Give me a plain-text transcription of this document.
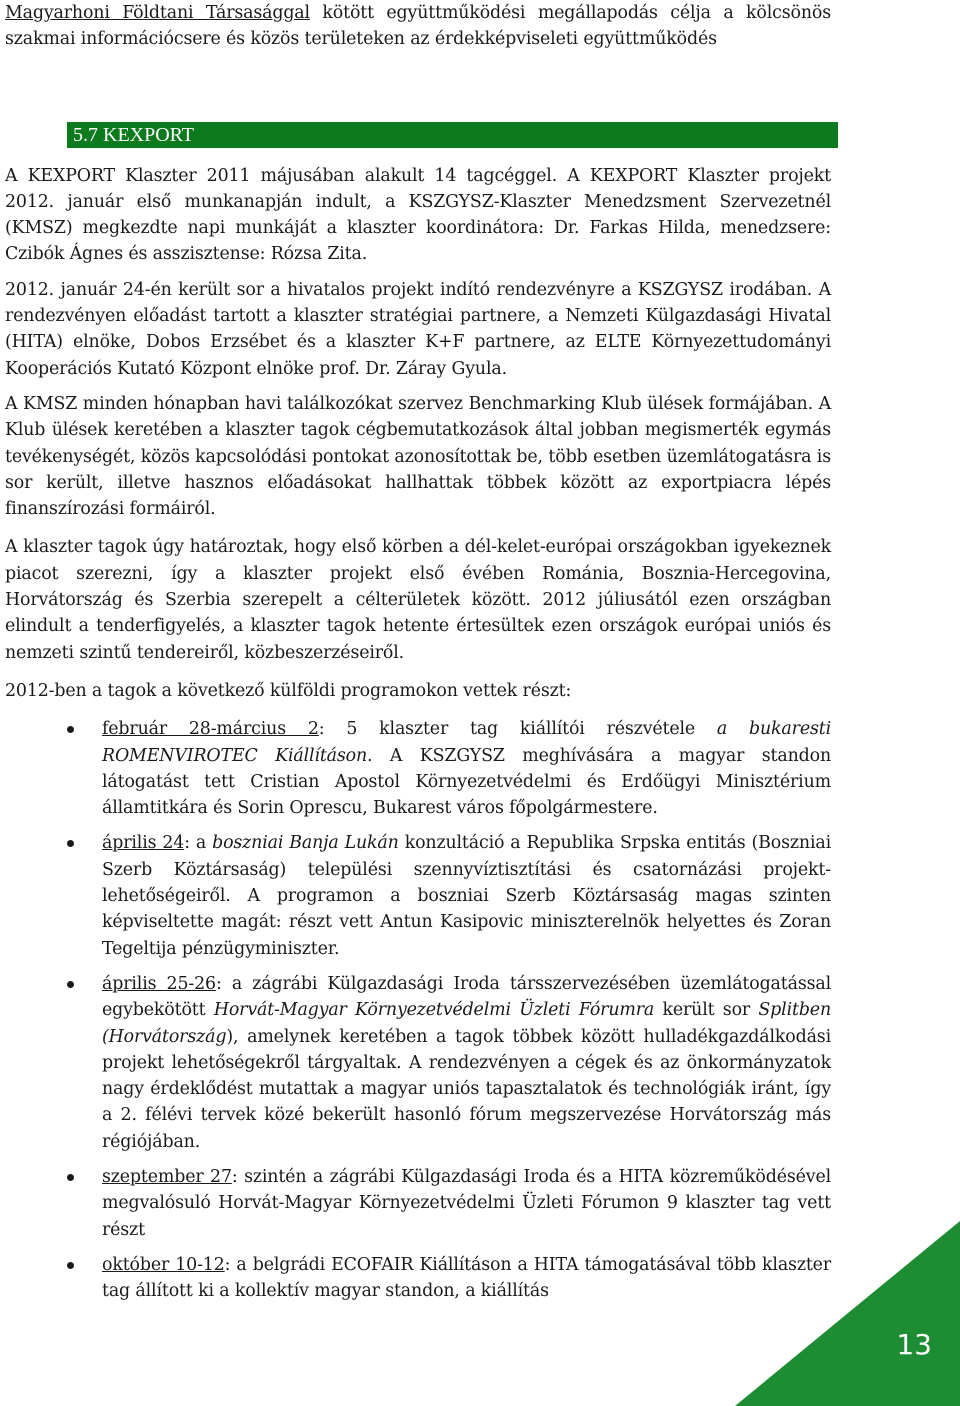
Magyarhoni Földtani Társasággal kötött együttműködési megállapodás célja a kölcsönös szakmai információcsere és közös területeken az érdekképviseleti együttműködés

5.7 KEXPORT

A KEXPORT Klaszter 2011 májusában alakult 14 tagcéggel. A KEXPORT Klaszter projekt 2012. január első munkanapján indult, a KSZGYSZ-Klaszter Menedzsment Szervezetnél (KMSZ) megkezdte napi munkáját a klaszter koordinátora: Dr. Farkas Hilda, menedzsere: Czibók Ágnes és asszisztense: Rózsa Zita.

2012. január 24-én került sor a hivatalos projekt indító rendezvényre a KSZGYSZ irodában. A rendezvényen előadást tartott a klaszter stratégiai partnere, a Nemzeti Külgazdasági Hivatal (HITA) elnöke, Dobos Erzsébet és a klaszter K+F partnere, az ELTE Környezettudományi Kooperációs Kutató Központ elnöke prof. Dr. Záray Gyula.

A KMSZ minden hónapban havi találkozókat szervez Benchmarking Klub ülések formájában. A Klub ülések keretében a klaszter tagok cégbemutatkozások által jobban megismerték egymás tevékenységét, közös kapcsolódási pontokat azonosítottak be, több esetben üzemlátogatásra is sor került, illetve hasznos előadásokat hallhattak többek között az exportpiacra lépés finanszírozási formáiról.

A klaszter tagok úgy határoztak, hogy első körben a dél-kelet-európai országokban igyekeznek piacot szerezni, így a klaszter projekt első évében Románia, Bosznia-Hercegovina, Horvátország és Szerbia szerepelt a célterületek között. 2012 júliusától ezen országban elindult a tenderfigyelés, a klaszter tagok hetente értesültek ezen országok európai uniós és nemzeti szintű tendereiről, közbeszerzéseiről.

2012-ben a tagok a következő külföldi programokon vettek részt:

február 28-március 2: 5 klaszter tag kiállítói részvétele a bukaresti ROMENVIROTEC Kiállításon. A KSZGYSZ meghívására a magyar standon látogatást tett Cristian Apostol Környezetvédelmi és Erdőügyi Minisztérium államtitkára és Sorin Oprescu, Bukarest város főpolgármestere.

április 24: a boszniai Banja Lukán konzultáció a Republika Srpska entitás (Boszniai Szerb Köztársaság) települési szennyvíztisztítási és csatornázási projekt-lehetőségeiről. A programon a boszniai Szerb Köztársaság magas szinten képviseltette magát: részt vett Antun Kasipovic miniszterelnök helyettes és Zoran Tegeltija pénzügyminiszter.

április 25-26: a zágrábi Külgazdasági Iroda társszervezésében üzemlátogatással egybekötött Horvát-Magyar Környezetvédelmi Üzleti Fórumra került sor Splitben (Horvátország), amelynek keretében a tagok többek között hulladékgazdálkodási projekt lehetőségekről tárgyaltak. A rendezvényen a cégek és az önkormányzatok nagy érdeklődést mutattak a magyar uniós tapasztalatok és technológiák iránt, így a 2. félévi tervek közé bekerült hasonló fórum megszervezése Horvátország más régiójában.

szeptember 27: szintén a zágrábi Külgazdasági Iroda és a HITA közreműködésével megvalósuló Horvát-Magyar Környezetvédelmi Üzleti Fórumon 9 klaszter tag vett részt

október 10-12: a belgrádi ECOFAIR Kiállításon a HITA támogatásával több klaszter tag állított ki a kollektív magyar standon, a kiállítás

13
